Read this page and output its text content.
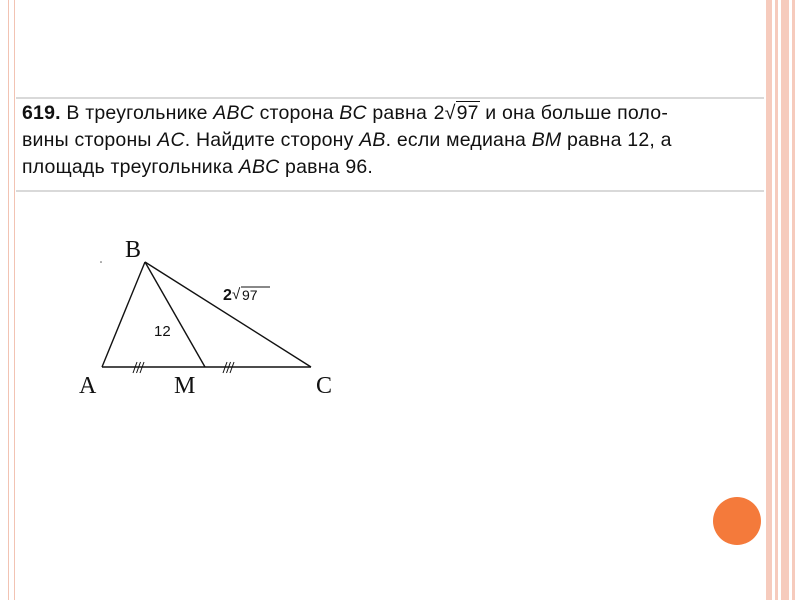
619. В треугольнике ABC сторона BC равна 2√97 и она больше поло-
вины стороны AC. Найдите сторону AB. если медиана BM равна 12, а
площадь треугольника ABC равна 96.
B
A	M	C
12
2 √ 97
